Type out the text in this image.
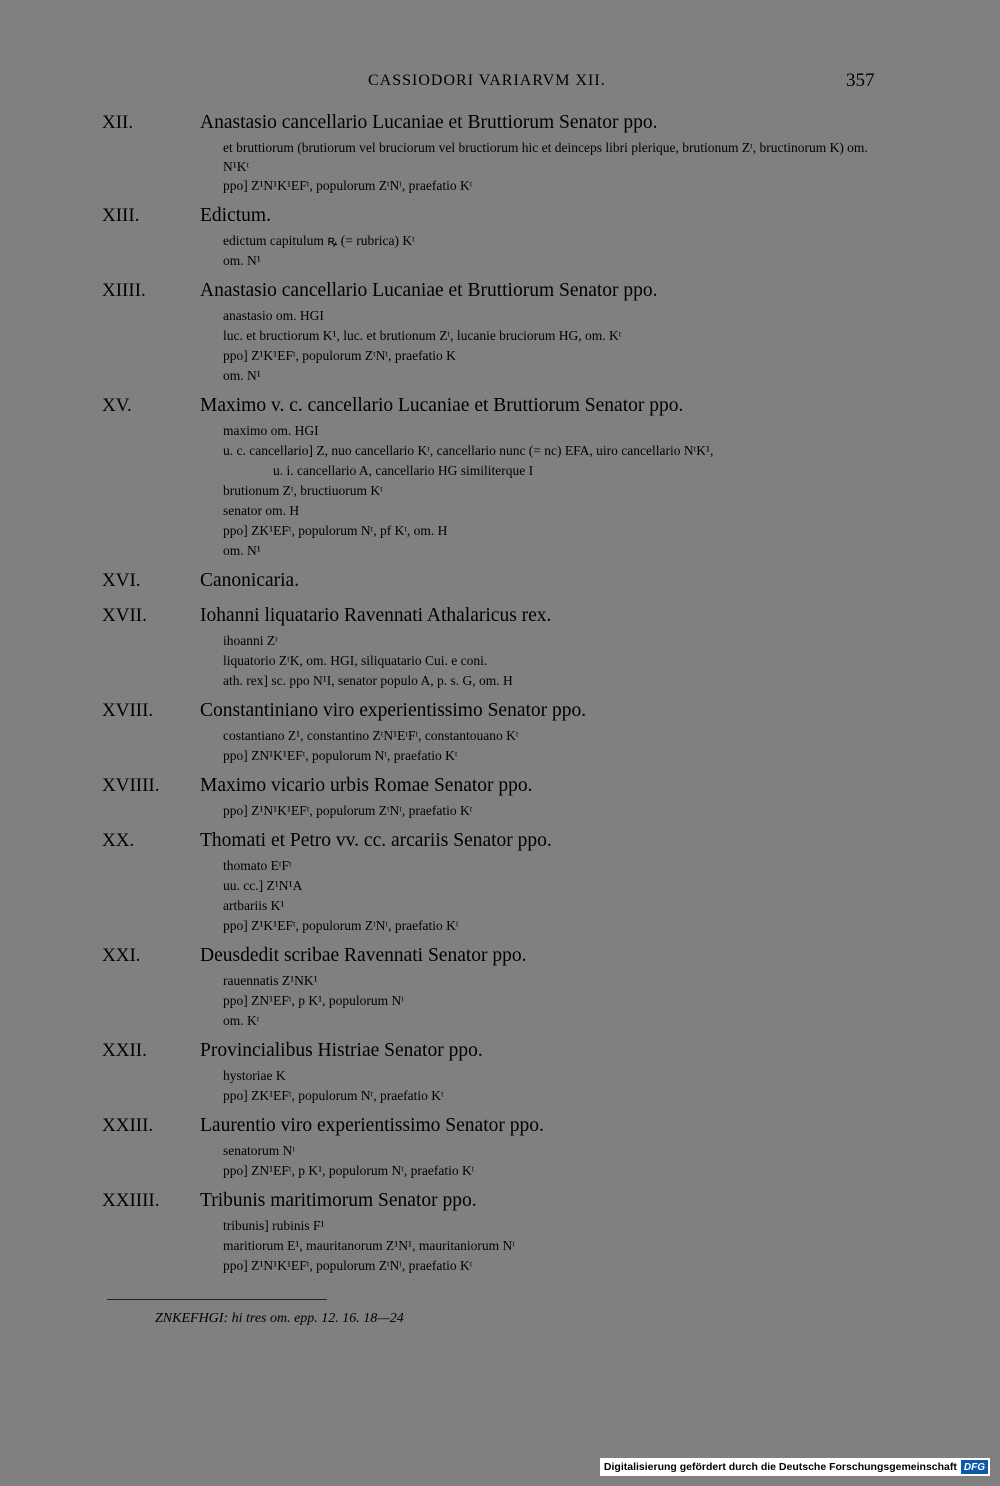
CASSIODORI VARIARVM XII.	357
XII.	Anastasio cancellario Lucaniae et Bruttiorum Senator ppo.
et bruttiorum (brutiorum vel bruciorum vel bructiorum hic et deinceps libri plerique, brutionum Zᵗ, bructinorum K) om. N¹Kᵗ
ppo] Z¹N¹K¹EFᵗ, populorum ZᵗNᵗ, praefatio Kᵗ
XIII.	Edictum.
edictum capitulum ꝶ (= rubrica) Kᵗ
om. N¹
XIIII.	Anastasio cancellario Lucaniae et Bruttiorum Senator ppo.
anastasio om. HGI
luc. et bructiorum K¹, luc. et brutionum Zᵗ, lucanie bruciorum HG, om. Kᵗ
ppo] Z¹K¹EFᵗ, populorum ZᵗNᵗ, praefatio K
om. N¹
XV.	Maximo v. c. cancellario Lucaniae et Bruttiorum Senator ppo.
maximo om. HGI
u. c. cancellario] Z, nuo cancellario Kᵗ, cancellario nunc (= nc) EFA, uiro cancellario NᵗK¹,
u. i. cancellario A, cancellario HG similiterque I
brutionum Zᵗ, bructiuorum Kᵗ
senator om. H
ppo] ZK¹EFᵗ, populorum Nᵗ, pf Kᵗ, om. H
om. N¹
XVI.	Canonicaria.
XVII.	Iohanni liquatario Ravennati Athalaricus rex.
ihoanni Zᵗ
liquatorio ZᵗK, om. HGI, siliquatario Cui. e coni.
ath. rex] sc. ppo N¹I, senator populo A, p. s. G, om. H
XVIII. Constantiniano viro experientissimo Senator ppo.
costantiano Z¹, constantino ZᵗN¹EᵗFᵗ, constantouano Kᵗ
ppo] ZN¹K¹EFᵗ, populorum Nᵗ, praefatio Kᵗ
XVIIII. Maximo vicario urbis Romae Senator ppo.
ppo] Z¹N¹K¹EFᵗ, populorum ZᵗNᵗ, praefatio Kᵗ
XX.	Thomati et Petro vv. cc. arcariis Senator ppo.
thomato EᵗFᵗ
uu. cc.] Z¹N¹A
artbariis K¹
ppo] Z¹K¹EFᵗ, populorum ZᵗNᵗ, praefatio Kᵗ
XXI.	Deusdedit scribae Ravennati Senator ppo.
rauennatis Z¹NK¹
ppo] ZN¹EFᵗ, p K¹, populorum Nᵗ
om. Kᵗ
XXII.	Provincialibus Histriae Senator ppo.
hystoriae K
ppo] ZK¹EFᵗ, populorum Nᵗ, praefatio Kᵗ
XXIII. Laurentio viro experientissimo Senator ppo.
senatorum Nᵗ
ppo] ZN¹EFᵗ, p K¹, populorum Nᵗ, praefatio Kᵗ
XXIIII. Tribunis maritimorum Senator ppo.
tribunis] rubinis F¹
maritiorum E¹, mauritanorum Z¹N¹, mauritaniorum Nᵗ
ppo] Z¹N¹K¹EFᵗ, populorum ZᵗNᵗ, praefatio Kᵗ
ZNKEFHGI: hi tres om. epp. 12. 16. 18—24
Digitalisierung gefördert durch die Deutsche Forschungsgemeinschaft DFG
